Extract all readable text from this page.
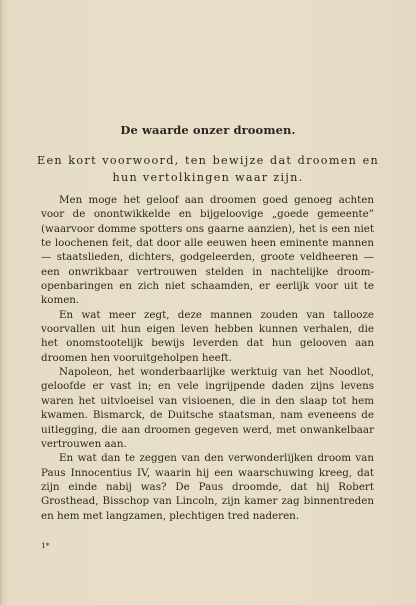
De waarde onzer droomen.
Een kort voorwoord, ten bewijze dat droomen en hun vertolkingen waar zijn.

Men moge het geloof aan droomen goed genoeg achten voor de onontwikkelde en bijgeloovige „goede gemeente” (waarvoor domme spotters ons gaarne aanzien), het is een niet te loochenen feit, dat door alle eeuwen heen eminente mannen — staatslieden, dichters, godgeleerden, groote veldheeren — een onwrikbaar vertrouwen stelden in nachtelijke droom-openbaringen en zich niet schaamden, er eerlijk voor uit te komen.

En wat meer zegt, deze mannen zouden van tallooze voorvallen uit hun eigen leven hebben kunnen verhalen, die het onomstootelijk bewijs leverden dat hun gelooven aan droomen hen vooruitgeholpen heeft.

Napoleon, het wonderbaarlijke werktuig van het Noodlot, geloofde er vast in; en vele ingrijpende daden zijns levens waren het uitvloeisel van visioenen, die in den slaap tot hem kwamen. Bismarck, de Duitsche staatsman, nam eveneens de uitlegging, die aan droomen gegeven werd, met onwankelbaar vertrouwen aan.

En wat dan te zeggen van den verwonderlijken droom van Paus Innocentius IV, waarin hij een waarschuwing kreeg, dat zijn einde nabij was? De Paus droomde, dat hij Robert Grosthead, Bisschop van Lincoln, zijn kamer zag binnentreden en hem met langzamen, plechtigen tred naderen.

1*
